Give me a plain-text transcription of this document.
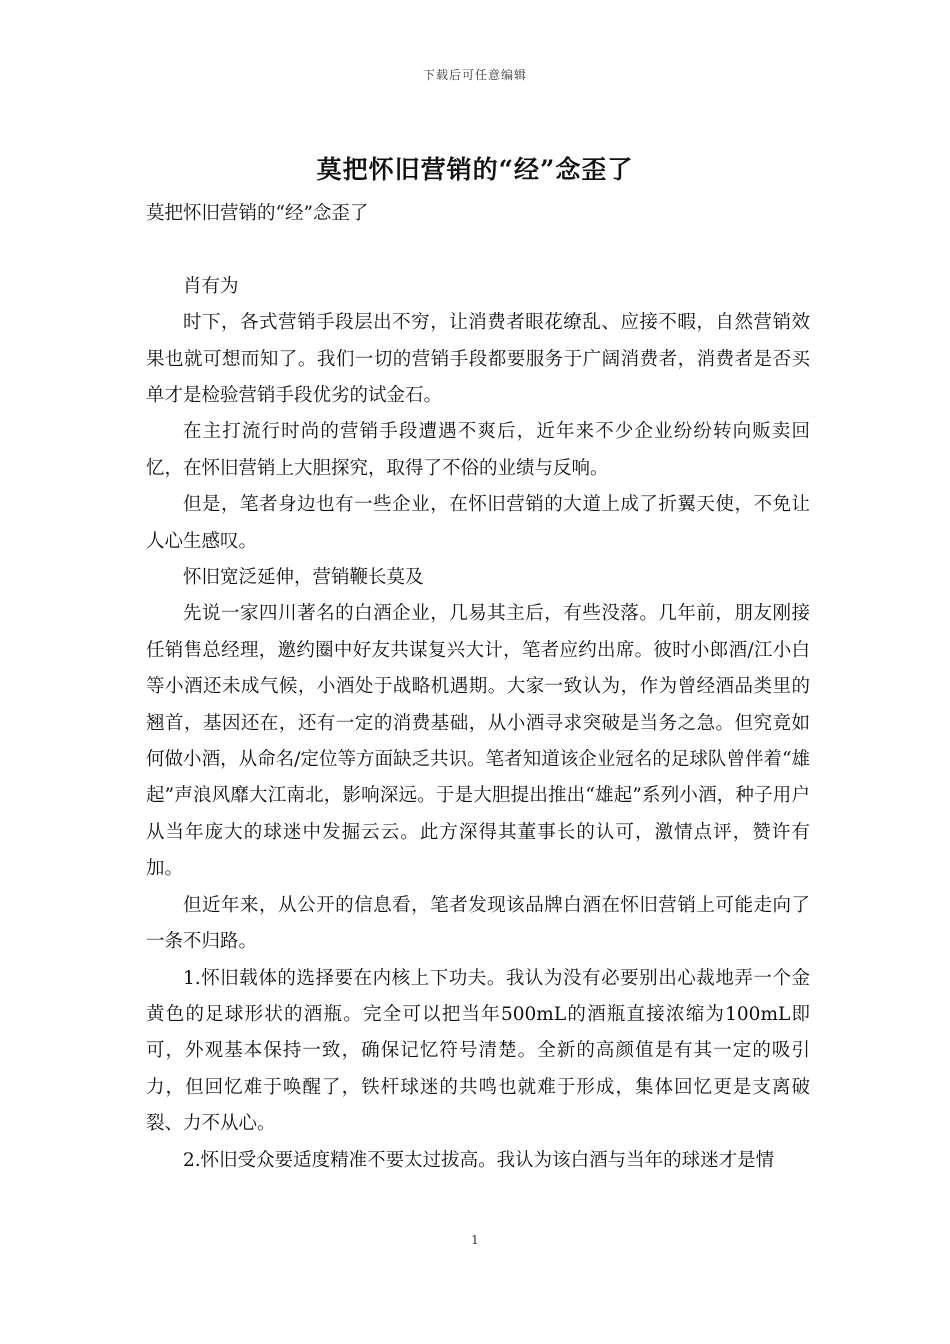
下载后可任意编辑
莫把怀旧营销的“经”念歪了

莫把怀旧营销的“经”念歪了

肖有为

时下，各式营销手段层出不穷，让消费者眼花缭乱、应接不暇，自然营销效果也就可想而知了。我们一切的营销手段都要服务于广阔消费者，消费者是否买单才是检验营销手段优劣的试金石。

在主打流行时尚的营销手段遭遇不爽后，近年来不少企业纷纷转向贩卖回忆，在怀旧营销上大胆探究，取得了不俗的业绩与反响。

但是，笔者身边也有一些企业，在怀旧营销的大道上成了折翼天使，不免让人心生感叹。

怀旧宽泛延伸，营销鞭长莫及

先说一家四川著名的白酒企业，几易其主后，有些没落。几年前，朋友刚接任销售总经理，邀约圈中好友共谋复兴大计，笔者应约出席。彼时小郎酒/江小白等小酒还未成气候，小酒处于战略机遇期。大家一致认为，作为曾经酒品类里的翘首，基因还在，还有一定的消费基础，从小酒寻求突破是当务之急。但究竟如何做小酒，从命名/定位等方面缺乏共识。笔者知道该企业冠名的足球队曾伴着“雄起”声浪风靡大江南北，影响深远。于是大胆提出推出“雄起”系列小酒，种子用户从当年庞大的球迷中发掘云云。此方深得其董事长的认可，激情点评，赞许有加。

但近年来，从公开的信息看，笔者发现该品牌白酒在怀旧营销上可能走向了一条不归路。

1.怀旧载体的选择要在内核上下功夫。我认为没有必要别出心裁地弄一个金黄色的足球形状的酒瓶。完全可以把当年500mL的酒瓶直接浓缩为100mL即可，外观基本保持一致，确保记忆符号清楚。全新的高颜值是有其一定的吸引力，但回忆难于唤醒了，铁杆球迷的共鸣也就难于形成，集体回忆更是支离破裂、力不从心。

2.怀旧受众要适度精准不要太过拔高。我认为该白酒与当年的球迷才是情

1
